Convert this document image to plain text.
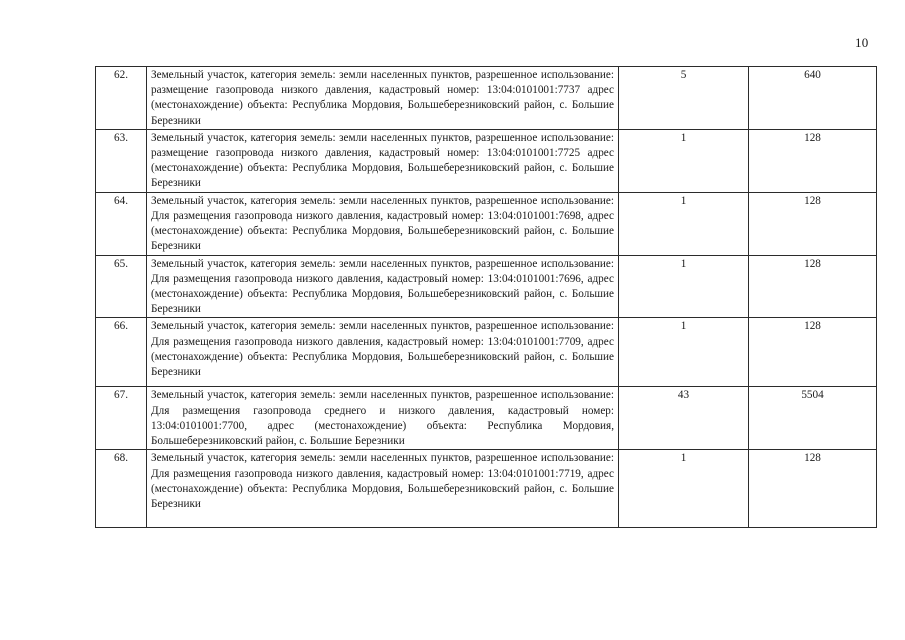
10
62.	Земельный участок, категория земель: земли населенных пунктов, разрешенное использование: размещение газопровода низкого давления, кадастровый номер: 13:04:0101001:7737 адрес (местонахождение) объекта: Республика Мордовия, Большеберезниковский район, с. Большие Березники	5	640
63.	Земельный участок, категория земель: земли населенных пунктов, разрешенное использование: размещение газопровода низкого давления, кадастровый номер: 13:04:0101001:7725 адрес (местонахождение) объекта: Республика Мордовия, Большеберезниковский район, с. Большие Березники	1	128
64.	Земельный участок, категория земель: земли населенных пунктов, разрешенное использование: Для размещения газопровода низкого давления, кадастровый номер: 13:04:0101001:7698, адрес (местонахождение) объекта: Республика Мордовия, Большеберезниковский район, с. Большие Березники	1	128
65.	Земельный участок, категория земель: земли населенных пунктов, разрешенное использование: Для размещения газопровода низкого давления, кадастровый номер: 13:04:0101001:7696, адрес (местонахождение) объекта: Республика Мордовия, Большеберезниковский район, с. Большие Березники	1	128
66.	Земельный участок, категория земель: земли населенных пунктов, разрешенное использование: Для размещения газопровода низкого давления, кадастровый номер: 13:04:0101001:7709, адрес (местонахождение) объекта: Республика Мордовия, Большеберезниковский район, с. Большие Березники	1	128
67.	Земельный участок, категория земель: земли населенных пунктов, разрешенное использование: Для размещения газопровода среднего и низкого давления, кадастровый номер: 13:04:0101001:7700, адрес (местонахождение) объекта: Республика Мордовия, Большеберезниковский район, с. Большие Березники	43	5504
68.	Земельный участок, категория земель: земли населенных пунктов, разрешенное использование: Для размещения газопровода низкого давления, кадастровый номер: 13:04:0101001:7719, адрес (местонахождение) объекта: Республика Мордовия, Большеберезниковский район, с. Большие Березники	1	128
